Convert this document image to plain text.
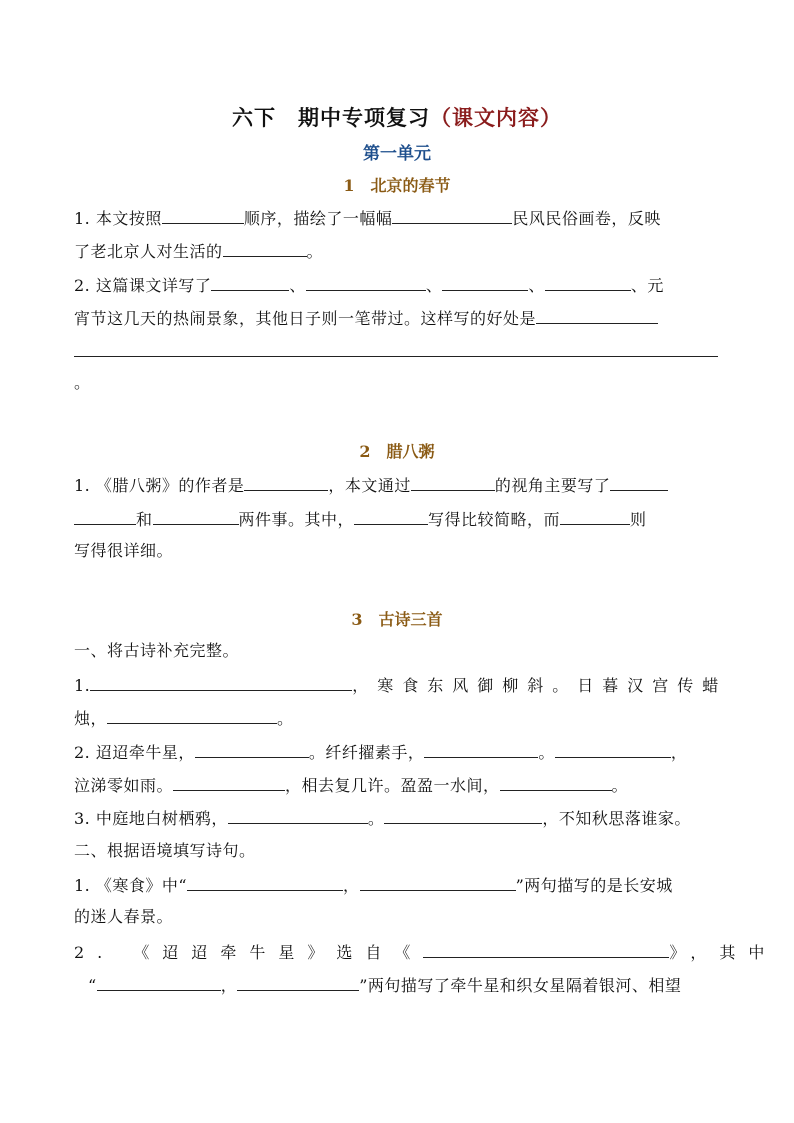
六下　期中专项复习（课文内容）
第一单元
1　北京的春节
1. 本文按照	顺序，描绘了一幅幅	民风民俗画卷，反映
了老北京人对生活的	。
2. 这篇课文详写了	、	、	、	、元
宵节这几天的热闹景象，其他日子则一笔带过。这样写的好处是
。
2　腊八粥
1. 《腊八粥》的作者是	，本文通过	的视角主要写了
和	两件事。其中，	写得比较简略，而	则
写得很详细。
3　古诗三首
一、将古诗补充完整。
1.	，寒食东风御柳斜。日暮汉宫传蜡
烛，	。
2. 迢迢牵牛星，	。纤纤擢素手，	。	，
泣涕零如雨。	，相去复几许。盈盈一水间，	。
3. 中庭地白树栖鸦，	。	，不知秋思落谁家。
二、根据语境填写诗句。
1. 《寒食》中“	，	”两句描写的是长安城
的迷人春景。
2. 《迢迢牵牛星》选自《	》，其中
“	，	”两句描写了牵牛星和织女星隔着银河、相望
